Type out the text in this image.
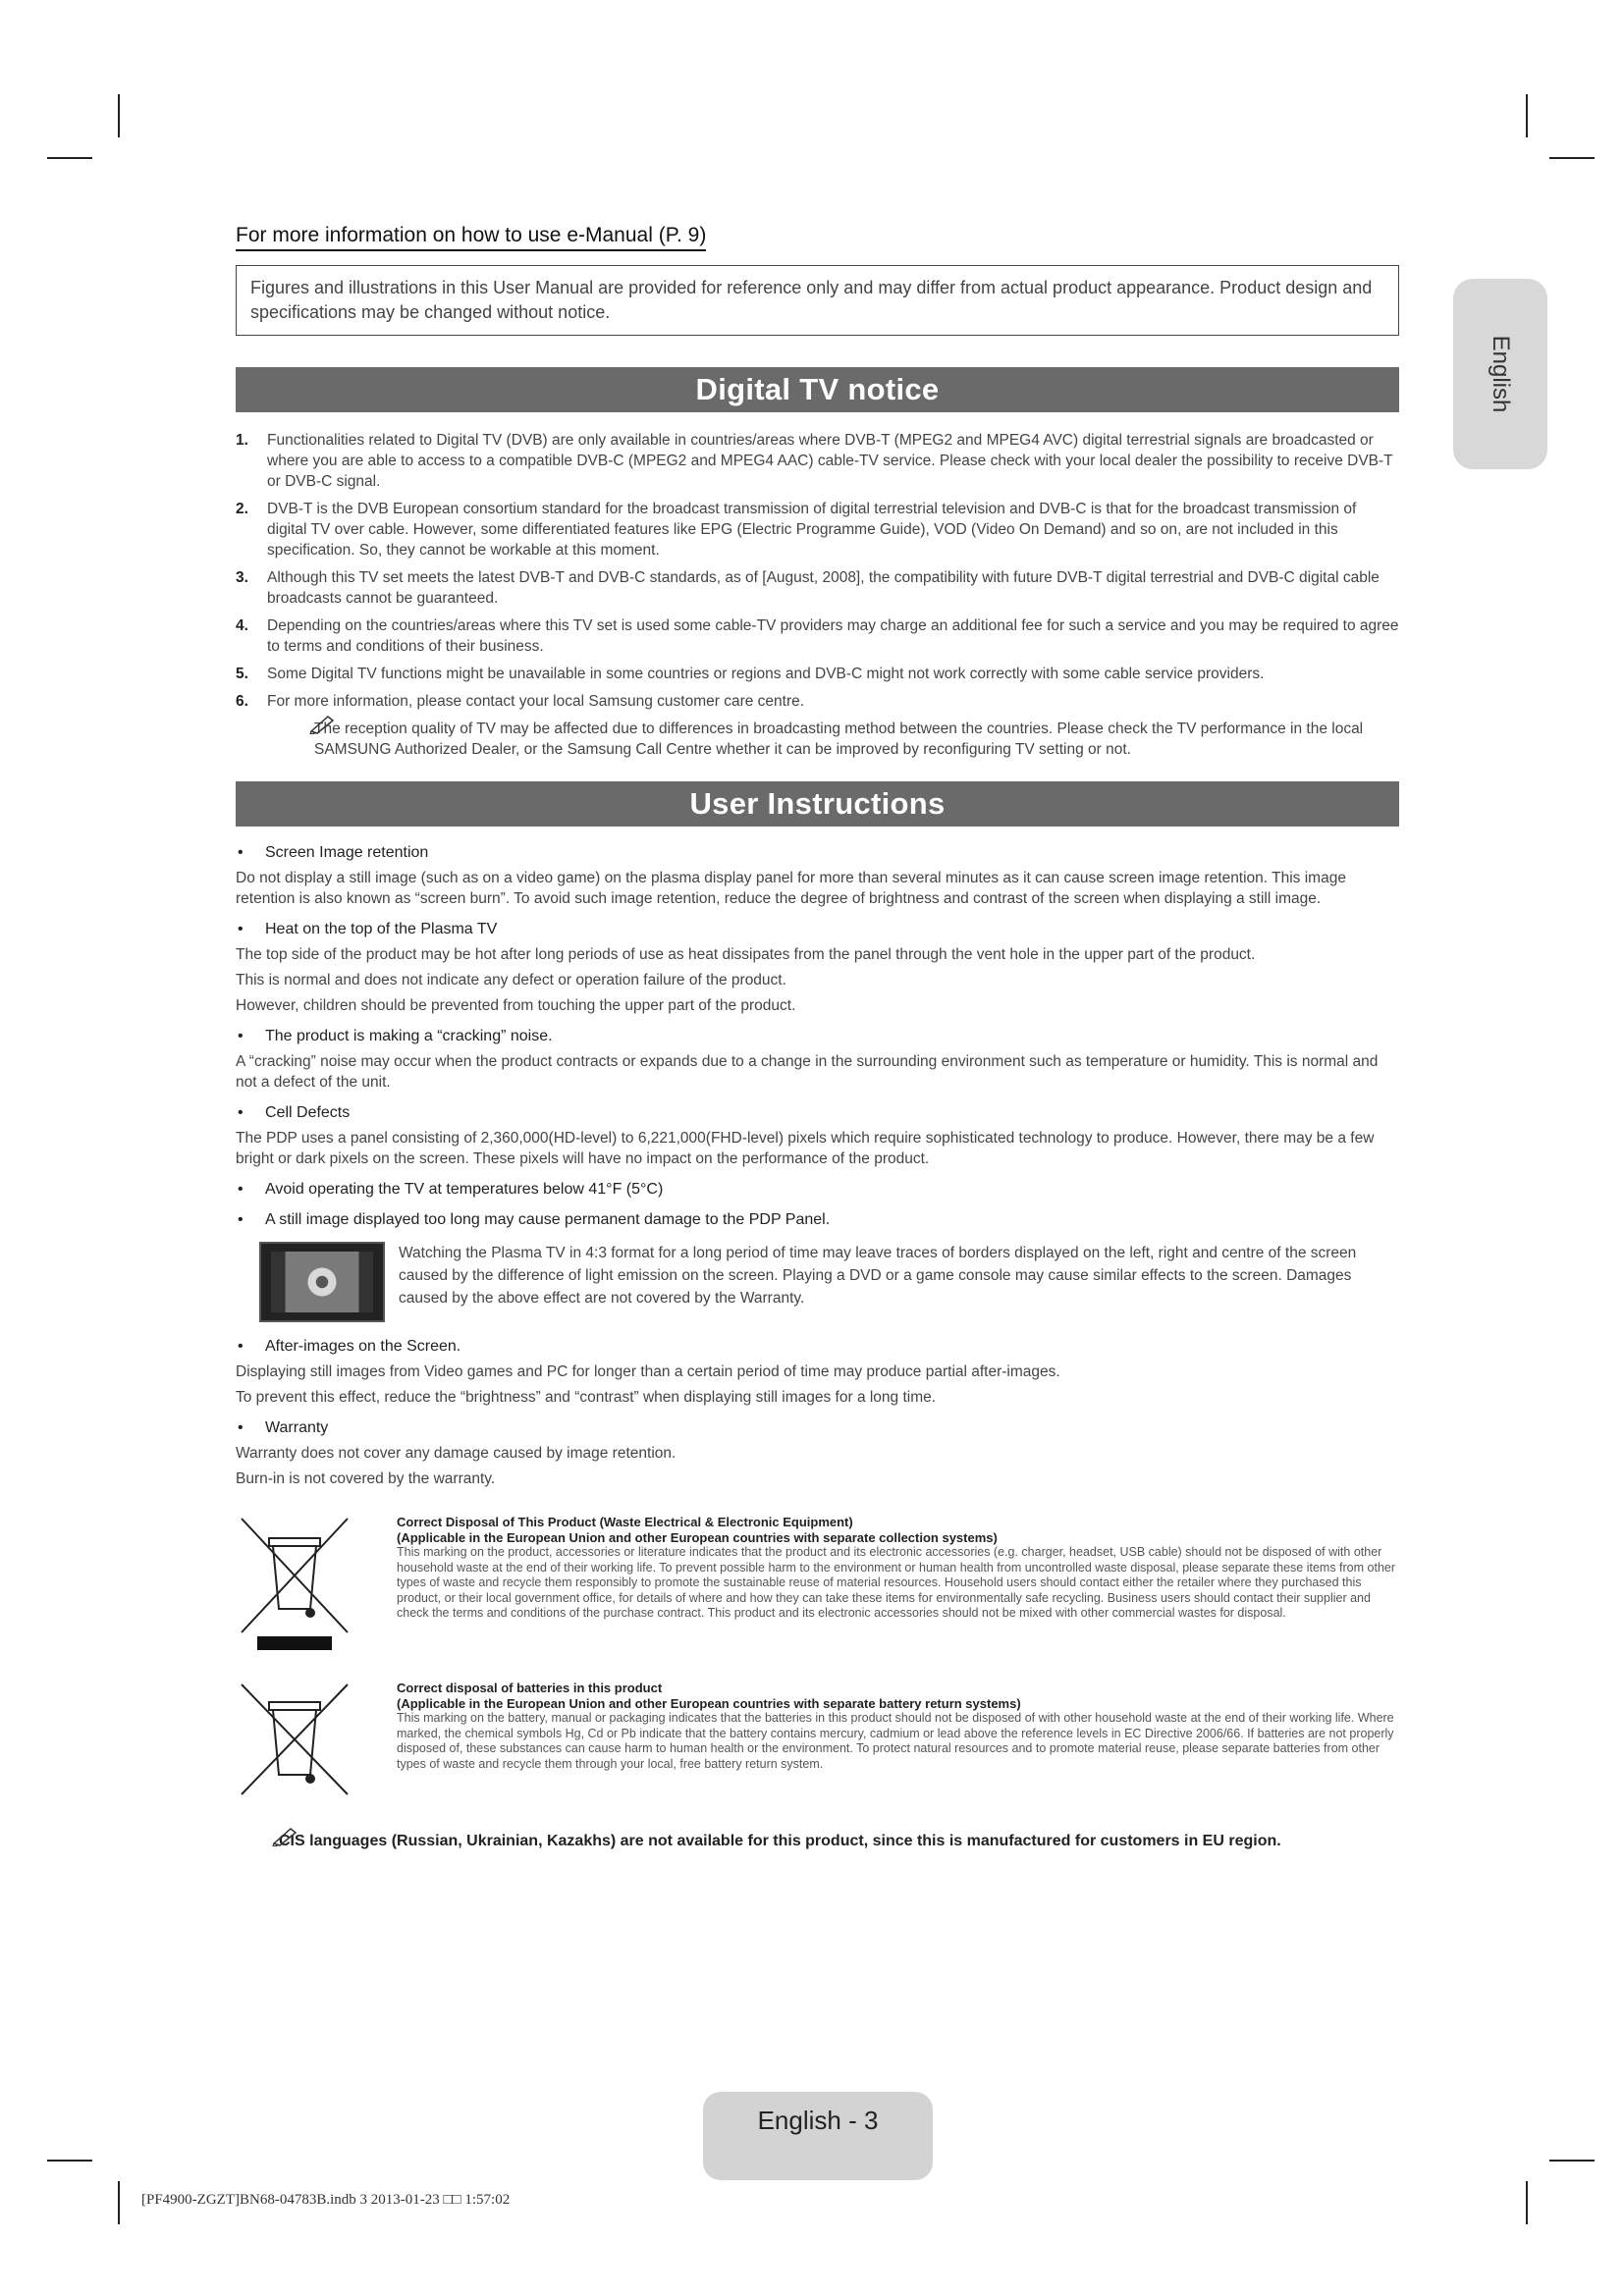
English
For more information on how to use e-Manual (P. 9)
Figures and illustrations in this User Manual are provided for reference only and may differ from actual product appearance. Product design and specifications may be changed without notice.
Digital TV notice
1. Functionalities related to Digital TV (DVB) are only available in countries/areas where DVB-T (MPEG2 and MPEG4 AVC) digital terrestrial signals are broadcasted or where you are able to access to a compatible DVB-C (MPEG2 and MPEG4 AAC) cable-TV service. Please check with your local dealer the possibility to receive DVB-T or DVB-C signal.
2. DVB-T is the DVB European consortium standard for the broadcast transmission of digital terrestrial television and DVB-C is that for the broadcast transmission of digital TV over cable. However, some differentiated features like EPG (Electric Programme Guide), VOD (Video On Demand) and so on, are not included in this specification. So, they cannot be workable at this moment.
3. Although this TV set meets the latest DVB-T and DVB-C standards, as of [August, 2008], the compatibility with future DVB-T digital terrestrial and DVB-C digital cable broadcasts cannot be guaranteed.
4. Depending on the countries/areas where this TV set is used some cable-TV providers may charge an additional fee for such a service and you may be required to agree to terms and conditions of their business.
5. Some Digital TV functions might be unavailable in some countries or regions and DVB-C might not work correctly with some cable service providers.
6. For more information, please contact your local Samsung customer care centre.
The reception quality of TV may be affected due to differences in broadcasting method between the countries. Please check the TV performance in the local SAMSUNG Authorized Dealer, or the Samsung Call Centre whether it can be improved by reconfiguring TV setting or not.
User Instructions
• Screen Image retention

Do not display a still image (such as on a video game) on the plasma display panel for more than several minutes as it can cause screen image retention. This image retention is also known as “screen burn”. To avoid such image retention, reduce the degree of brightness and contrast of the screen when displaying a still image.

• Heat on the top of the Plasma TV

The top side of the product may be hot after long periods of use as heat dissipates from the panel through the vent hole in the upper part of the product.

This is normal and does not indicate any defect or operation failure of the product.

However, children should be prevented from touching the upper part of the product.

• The product is making a “cracking” noise.

A “cracking” noise may occur when the product contracts or expands due to a change in the surrounding environment such as temperature or humidity. This is normal and not a defect of the unit.

• Cell Defects

The PDP uses a panel consisting of 2,360,000(HD-level) to 6,221,000(FHD-level) pixels which require sophisticated technology to produce. However, there may be a few bright or dark pixels on the screen. These pixels will have no impact on the performance of the product.

• Avoid operating the TV at temperatures below 41°F (5°C)
• A still image displayed too long may cause permanent damage to the PDP Panel.
Watching the Plasma TV in 4:3 format for a long period of time may leave traces of borders displayed on the left, right and centre of the screen caused by the difference of light emission on the screen. Playing a DVD or a game console may cause similar effects to the screen. Damages caused by the above effect are not covered by the Warranty.
• After-images on the Screen.

Displaying still images from Video games and PC for longer than a certain period of time may produce partial after-images.

To prevent this effect, reduce the “brightness” and “contrast” when displaying still images for a long time.

• Warranty

Warranty does not cover any damage caused by image retention.

Burn-in is not covered by the warranty.

Correct Disposal of This Product (Waste Electrical & Electronic Equipment)
(Applicable in the European Union and other European countries with separate collection systems)
This marking on the product, accessories or literature indicates that the product and its electronic accessories (e.g. charger, headset, USB cable) should not be disposed of with other household waste at the end of their working life. To prevent possible harm to the environment or human health from uncontrolled waste disposal, please separate these items from other types of waste and recycle them responsibly to promote the sustainable reuse of material resources. Household users should contact either the retailer where they purchased this product, or their local government office, for details of where and how they can take these items for environmentally safe recycling. Business users should contact their supplier and check the terms and conditions of the purchase contract. This product and its electronic accessories should not be mixed with other commercial wastes for disposal.
Correct disposal of batteries in this product
(Applicable in the European Union and other European countries with separate battery return systems)
This marking on the battery, manual or packaging indicates that the batteries in this product should not be disposed of with other household waste at the end of their working life. Where marked, the chemical symbols Hg, Cd or Pb indicate that the battery contains mercury, cadmium or lead above the reference levels in EC Directive 2006/66. If batteries are not properly disposed of, these substances can cause harm to human health or the environment. To protect natural resources and to promote material reuse, please separate batteries from other types of waste and recycle them through your local, free battery return system.
CIS languages (Russian, Ukrainian, Kazakhs) are not available for this product, since this is manufactured for customers in EU region.
English - 3
[PF4900-ZGZT]BN68-04783B.indb 3 2013-01-23 □□ 1:57:02
